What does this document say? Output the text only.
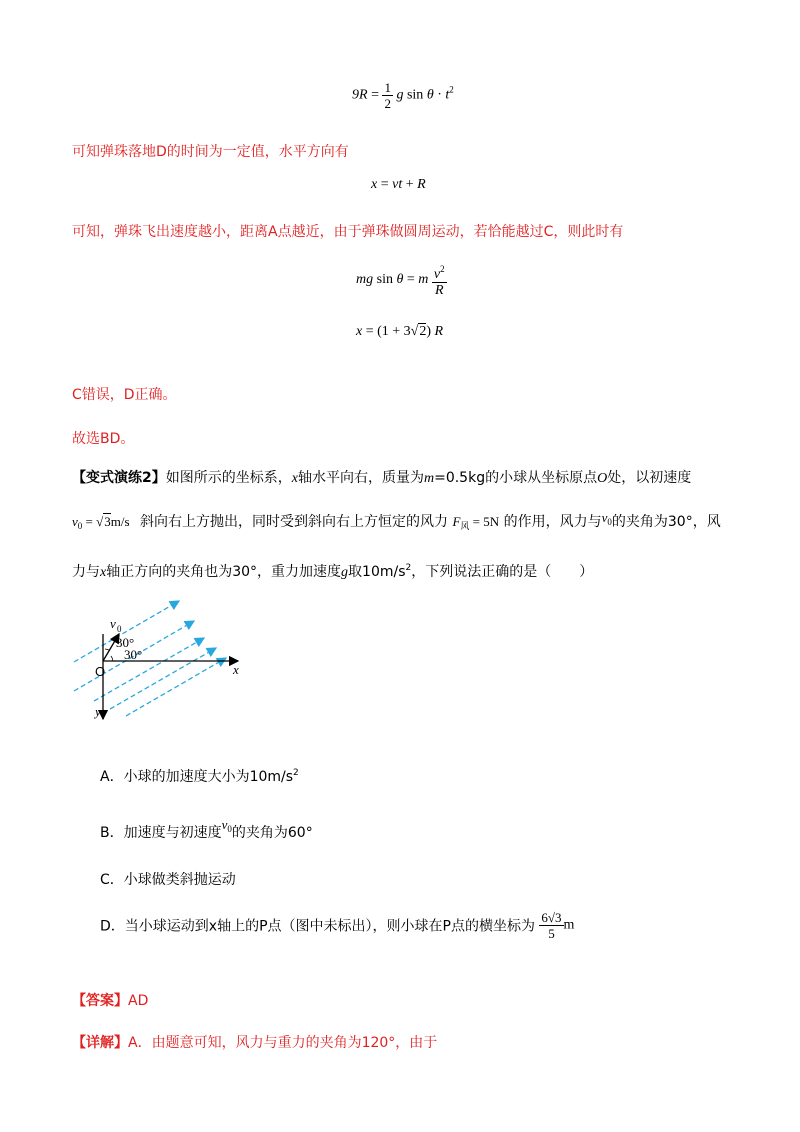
$9R = \frac{1}{2}$ g $\sin \theta \cdot t^2$
可知弹珠落地D的时间为一定值，水平方向有
x = vt + R
可知，弹珠飞出速度越小，距离A点越近，由于弹珠做圆周运动，若恰能越过C，则此时有
mg sin θ = m $\frac{v^2}{R}$
x = (1 + 3√2) R
C错误，D正确。
故选BD。
【变式演练2】如图所示的坐标系，x轴水平向右，质量为m=0.5kg的小球从坐标原点O处，以初速度
$v_0 = √3m/s$ 斜向右上方抛出，同时受到斜向右上方恒定的风力 $F_风 = 5N$ 的作用，风力与$v_0$的夹角为30°，风
力与x轴正方向的夹角也为30°，重力加速度g取$10m/s^2$，下列说法正确的是（　　）
v 0
30°
30°
O	x
y
A．小球的加速度大小为$10m/s^2$
B．加速度与初速度$v_0$的夹角为60°
C．小球做类斜抛运动
D．当小球运动到x轴上的P点（图中未标出），则小球在P点的横坐标为 $\frac{6√3}{5}$ m
【答案】AD
【详解】A．由题意可知，风力与重力的夹角为120°，由于
